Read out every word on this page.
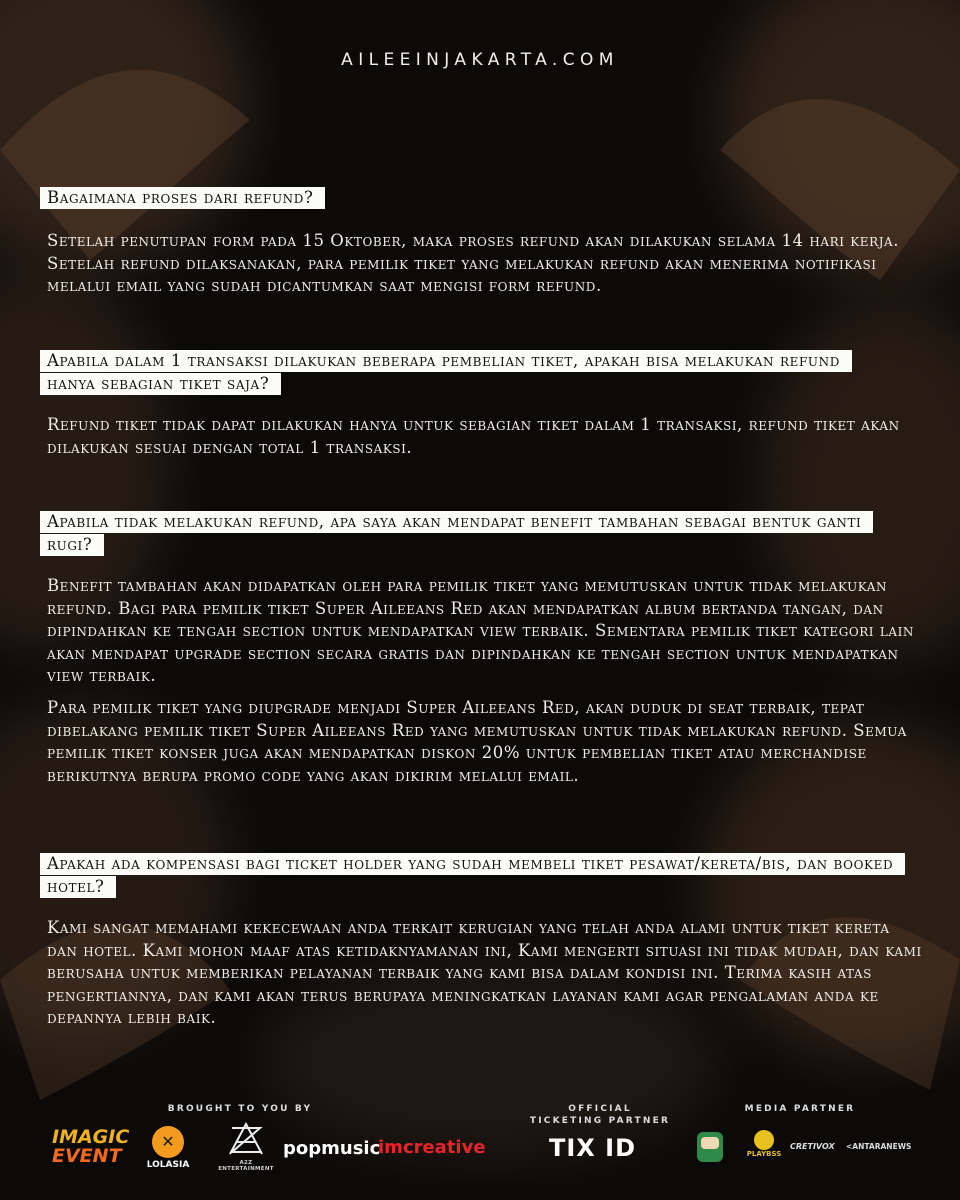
AILEEINJAKARTA.COM
Bagaimana proses dari refund?
Setelah penutupan form pada 15 Oktober, maka proses refund akan dilakukan selama 14 hari kerja. Setelah refund dilaksanakan, para pemilik tiket yang melakukan refund akan menerima notifikasi melalui email yang sudah dicantumkan saat mengisi form refund.
Apabila dalam 1 transaksi dilakukan beberapa pembelian tiket, apakah bisa melakukan refund hanya sebagian tiket saja?
Refund tiket tidak dapat dilakukan hanya untuk sebagian tiket dalam 1 transaksi, refund tiket akan dilakukan sesuai dengan total 1 transaksi.
Apabila tidak melakukan refund, apa saya akan mendapat benefit tambahan sebagai bentuk ganti rugi?
Benefit tambahan akan didapatkan oleh para pemilik tiket yang memutuskan untuk tidak melakukan refund. Bagi para pemilik tiket Super Aileeans Red akan mendapatkan album bertanda tangan, dan dipindahkan ke tengah section untuk mendapatkan view terbaik. Sementara pemilik tiket kategori lain akan mendapat upgrade section secara gratis dan dipindahkan ke tengah section untuk mendapatkan view terbaik.
Para pemilik tiket yang diupgrade menjadi Super Aileeans Red, akan duduk di seat terbaik, tepat dibelakang pemilik tiket Super Aileeans Red yang memutuskan untuk tidak melakukan refund. Semua pemilik tiket konser juga akan mendapatkan diskon 20% untuk pembelian tiket atau merchandise berikutnya berupa promo code yang akan dikirim melalui email.
Apakah ada kompensasi bagi ticket holder yang sudah membeli tiket pesawat/kereta/bis, dan booked hotel?
Kami sangat memahami kekecewaan anda terkait kerugian yang telah anda alami untuk tiket kereta dan hotel. Kami mohon maaf atas ketidaknyamanan ini, Kami mengerti situasi ini tidak mudah, dan kami berusaha untuk memberikan pelayanan terbaik yang kami bisa dalam kondisi ini. Terima kasih atas pengertiannya, dan kami akan terus berupaya meningkatkan layanan kami agar pengalaman anda ke depannya lebih baik.
BROUGHT TO YOU BY	OFFICIAL
TICKETING PARTNER
MEDIA PARTNER
IMAGIC
EVENT
✕
LOLASIA	A2Z ENTERTAINMENT
popmusic
imcreative	TIX ID	PLAYBSS
CRETIVOX <ANTARANEWS
